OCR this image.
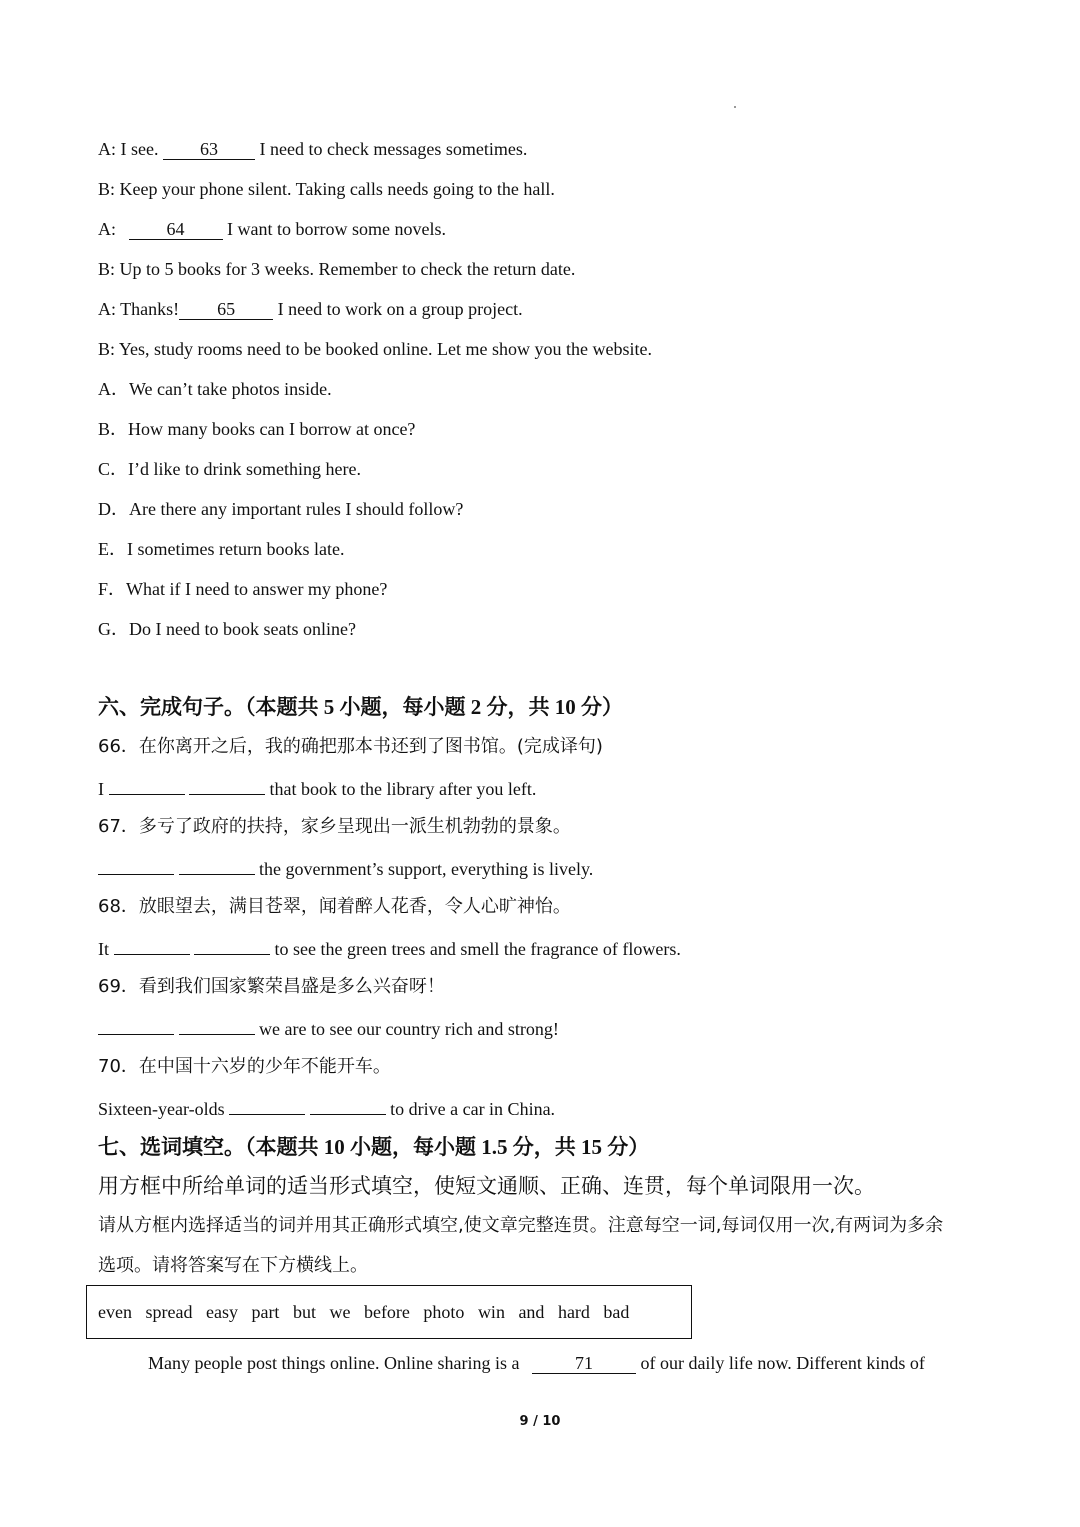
A: I see. 63 I need to check messages sometimes.
B: Keep your phone silent. Taking calls needs going to the hall.
A:	64 I want to borrow some novels.
B: Up to 5 books for 3 weeks. Remember to check the return date.
A: Thanks! 65 I need to work on a group project.
B: Yes, study rooms need to be booked online. Let me show you the website.
A．We can’t take photos inside.
B．How many books can I borrow at once?
C．I’d like to drink something here.
D．Are there any important rules I should follow?
E．I sometimes return books late.
F．What if I need to answer my phone?
G．Do I need to book seats online?
六、完成句子。（本题共 5 小题，每小题 2 分，共 10 分）
66．在你离开之后，我的确把那本书还到了图书馆。(完成译句)
I	that book to the library after you left.
67．多亏了政府的扶持，家乡呈现出一派生机勃勃的景象。
the government’s support, everything is lively.
68．放眼望去，满目苍翠，闻着醉人花香，令人心旷神怡。
It	to see the green trees and smell the fragrance of flowers.
69．看到我们国家繁荣昌盛是多么兴奋呀！
we are to see our country rich and strong!
70．在中国十六岁的少年不能开车。
Sixteen-year-olds	to drive a car in China.
七、选词填空。（本题共 10 小题，每小题 1.5 分，共 15 分）
用方框中所给单词的适当形式填空，使短文通顺、正确、连贯，每个单词限用一次。
请从方框内选择适当的词并用其正确形式填空,使文章完整连贯。注意每空一词,每词仅用一次,有两词为多余
选项。请将答案写在下方横线上。
even
spread
easy
part
but
we
before
photo
win
and
hard
bad
Many people post things online. Online sharing is a	71 of our daily life now. Different kinds of
9 / 10
